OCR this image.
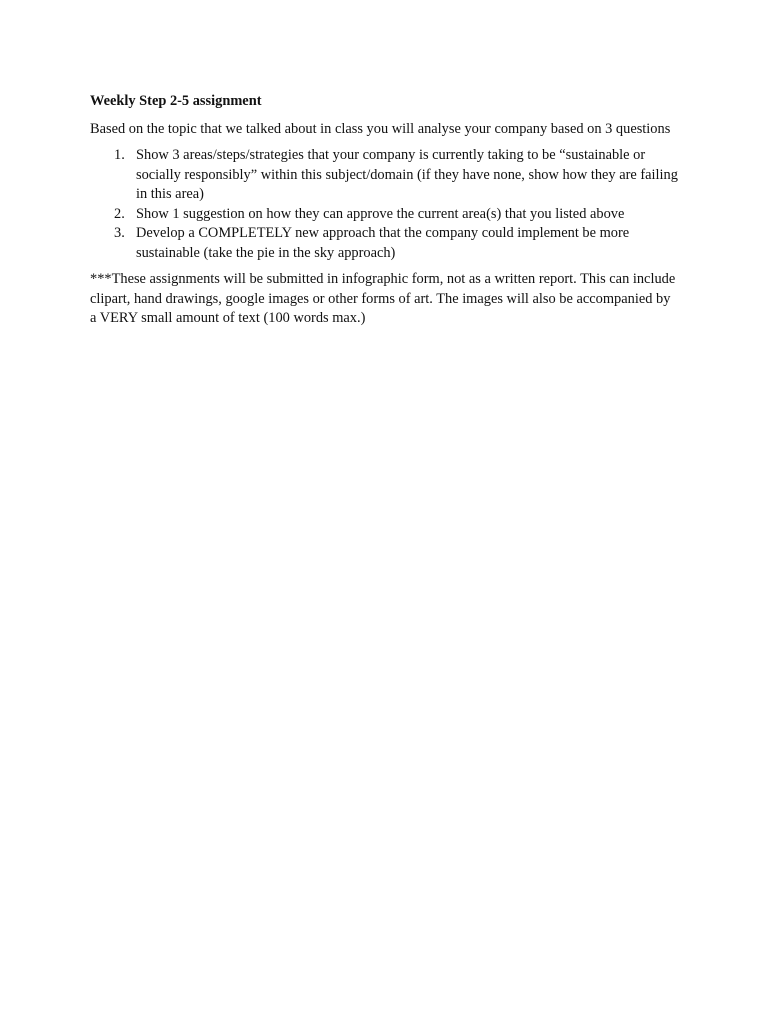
Weekly Step 2-5 assignment
Based on the topic that we talked about in class you will analyse your company based on 3 questions
1. Show 3 areas/steps/strategies that your company is currently taking to be “sustainable or socially responsibly” within this subject/domain (if they have none, show how they are failing in this area)
2. Show 1 suggestion on how they can approve the current area(s) that you listed above
3. Develop a COMPLETELY new approach that the company could implement be more sustainable (take the pie in the sky approach)
***These assignments will be submitted in infographic form, not as a written report. This can include clipart, hand drawings, google images or other forms of art. The images will also be accompanied by a VERY small amount of text (100 words max.)
